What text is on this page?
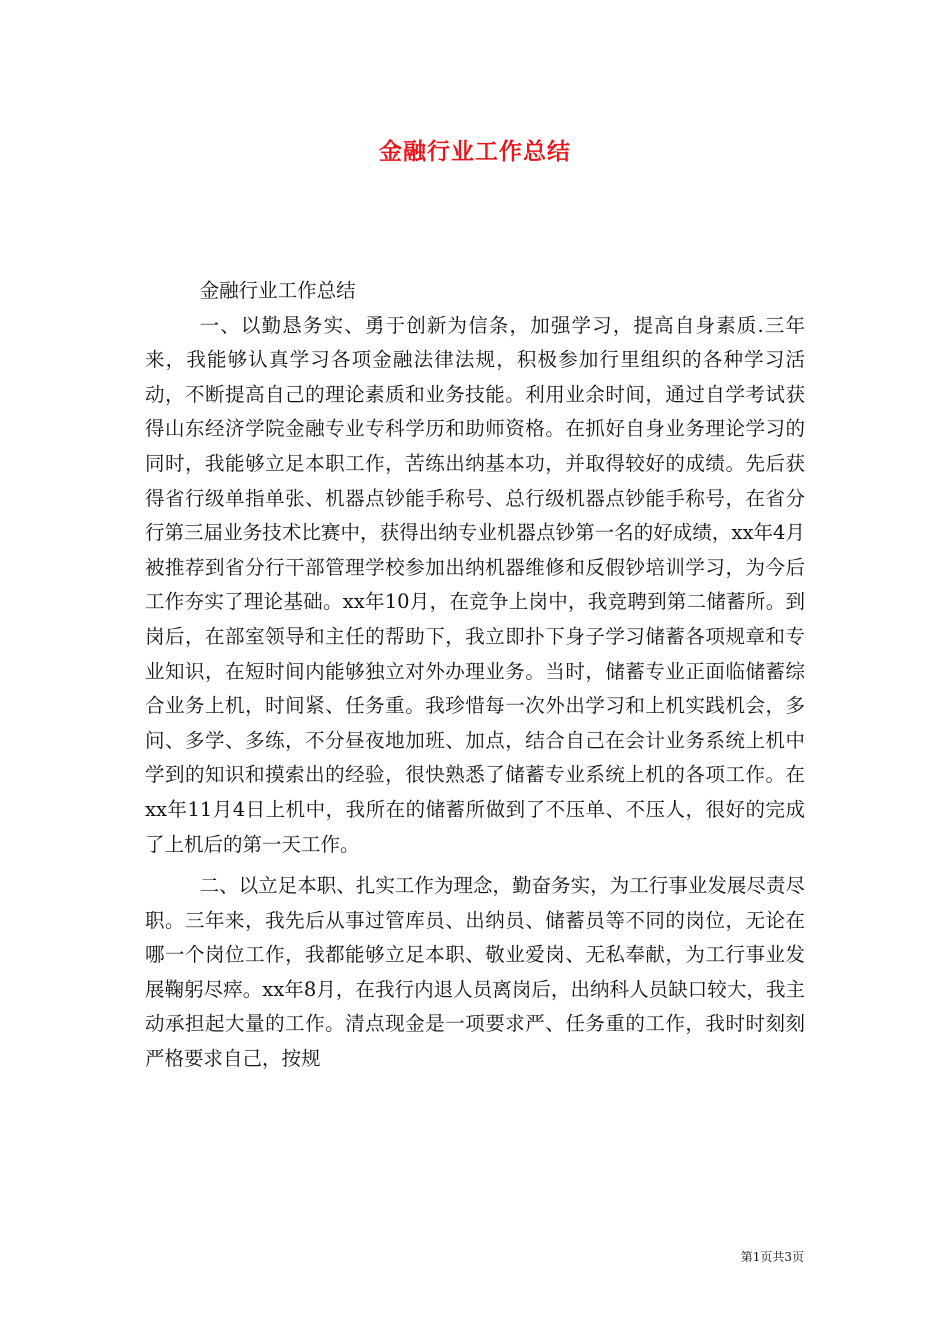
金融行业工作总结

金融行业工作总结

一、以勤恳务实、勇于创新为信条，加强学习，提高自身素质.三年来，我能够认真学习各项金融法律法规，积极参加行里组织的各种学习活动，不断提高自己的理论素质和业务技能。利用业余时间，通过自学考试获得山东经济学院金融专业专科学历和助师资格。在抓好自身业务理论学习的同时，我能够立足本职工作，苦练出纳基本功，并取得较好的成绩。先后获得省行级单指单张、机器点钞能手称号、总行级机器点钞能手称号，在省分行第三届业务技术比赛中，获得出纳专业机器点钞第一名的好成绩，xx年4月被推荐到省分行干部管理学校参加出纳机器维修和反假钞培训学习，为今后工作夯实了理论基础。xx年10月，在竞争上岗中，我竞聘到第二储蓄所。到岗后，在部室领导和主任的帮助下，我立即扑下身子学习储蓄各项规章和专业知识，在短时间内能够独立对外办理业务。当时，储蓄专业正面临储蓄综合业务上机，时间紧、任务重。我珍惜每一次外出学习和上机实践机会，多问、多学、多练，不分昼夜地加班、加点，结合自己在会计业务系统上机中学到的知识和摸索出的经验，很快熟悉了储蓄专业系统上机的各项工作。在xx年11月4日上机中，我所在的储蓄所做到了不压单、不压人，很好的完成了上机后的第一天工作。

二、以立足本职、扎实工作为理念，勤奋务实，为工行事业发展尽责尽职。三年来，我先后从事过管库员、出纳员、储蓄员等不同的岗位，无论在哪一个岗位工作，我都能够立足本职、敬业爱岗、无私奉献，为工行事业发展鞠躬尽瘁。xx年8月，在我行内退人员离岗后，出纳科人员缺口较大，我主动承担起大量的工作。清点现金是一项要求严、任务重的工作，我时时刻刻严格要求自己，按规

第1页共3页
